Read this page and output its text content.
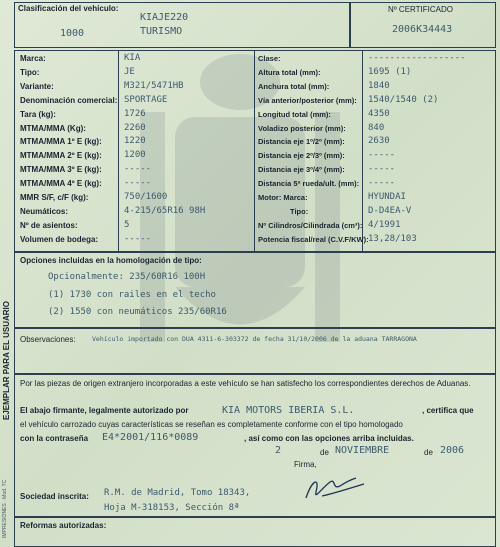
Clasificación del vehículo:
1000
KIAJE220
TURISMO
Nº CERTIFICADO
2006K34443
Opciones incluidas en la homologación de tipo:
Opcionalmente: 235/60R16 100H
(1) 1730 con railes en el techo
(2) 1550 con neumáticos 235/60R16
Observaciones:	Vehículo importado con DUA 4311-6-303372 de fecha 31/10/2006 de la aduana TARRAGONA
Por las piezas de origen extranjero incorporadas a este vehículo se han satisfecho los correspondientes derechos de Aduanas.
El abajo firmante, legalmente autorizado por	KIA MOTORS IBERIA S.L.	, certifica que
el vehículo carrozado cuyas características se reseñan es completamente conforme con el tipo homologado
con la contraseña E4*2001/116*0089	, así como con las opciones arriba incluidas.
2	de NOVIEMBRE	de 2006
Firma,
Sociedad inscrita: R.M. de Madrid, Tomo 18343,
Hoja M-318153, Sección 8ª
Reformas autorizadas:
EJEMPLAR PARA EL USUARIO
IMPRESIONES · Mod. TC
Marca:	KIA
Tipo:	JE
Variante:	M321/5471HB
Denominación comercial: SPORTAGE
Tara (kg):	1726
MTMA/MMA (Kg):	2260
MTMA/MMA 1º E (kg): 1220
MTMA/MMA 2º E (kg): 1200
MTMA/MMA 3º E (kg): -----
MTMA/MMA 4º E (kg): -----
MMR S/F, c/F (kg):	750/1600
Neumáticos:	4-215/65R16 98H
Nº de asientos:	5
Volumen de bodega:	-----
Clase:	------------------
Altura total (mm):	1695 (1)
Anchura total (mm):	1840
Vía anterior/posterior (mm): 1540/1540 (2)
Longitud total (mm):	4350
Voladizo posterior (mm): 840
Distancia eje 1º/2º (mm):	2630
Distancia eje 2º/3º (mm):	-----
Distancia eje 3º/4º (mm):	-----
Distancia 5ª rueda/ult. (mm): -----
Motor: Marca:	HYUNDAI
Tipo:	D-D4EA-V
Nº Cilindros/Cilindrada (cm³): 4/1991
Potencia fiscal/real (C.V.F/KW): 13,28/103
